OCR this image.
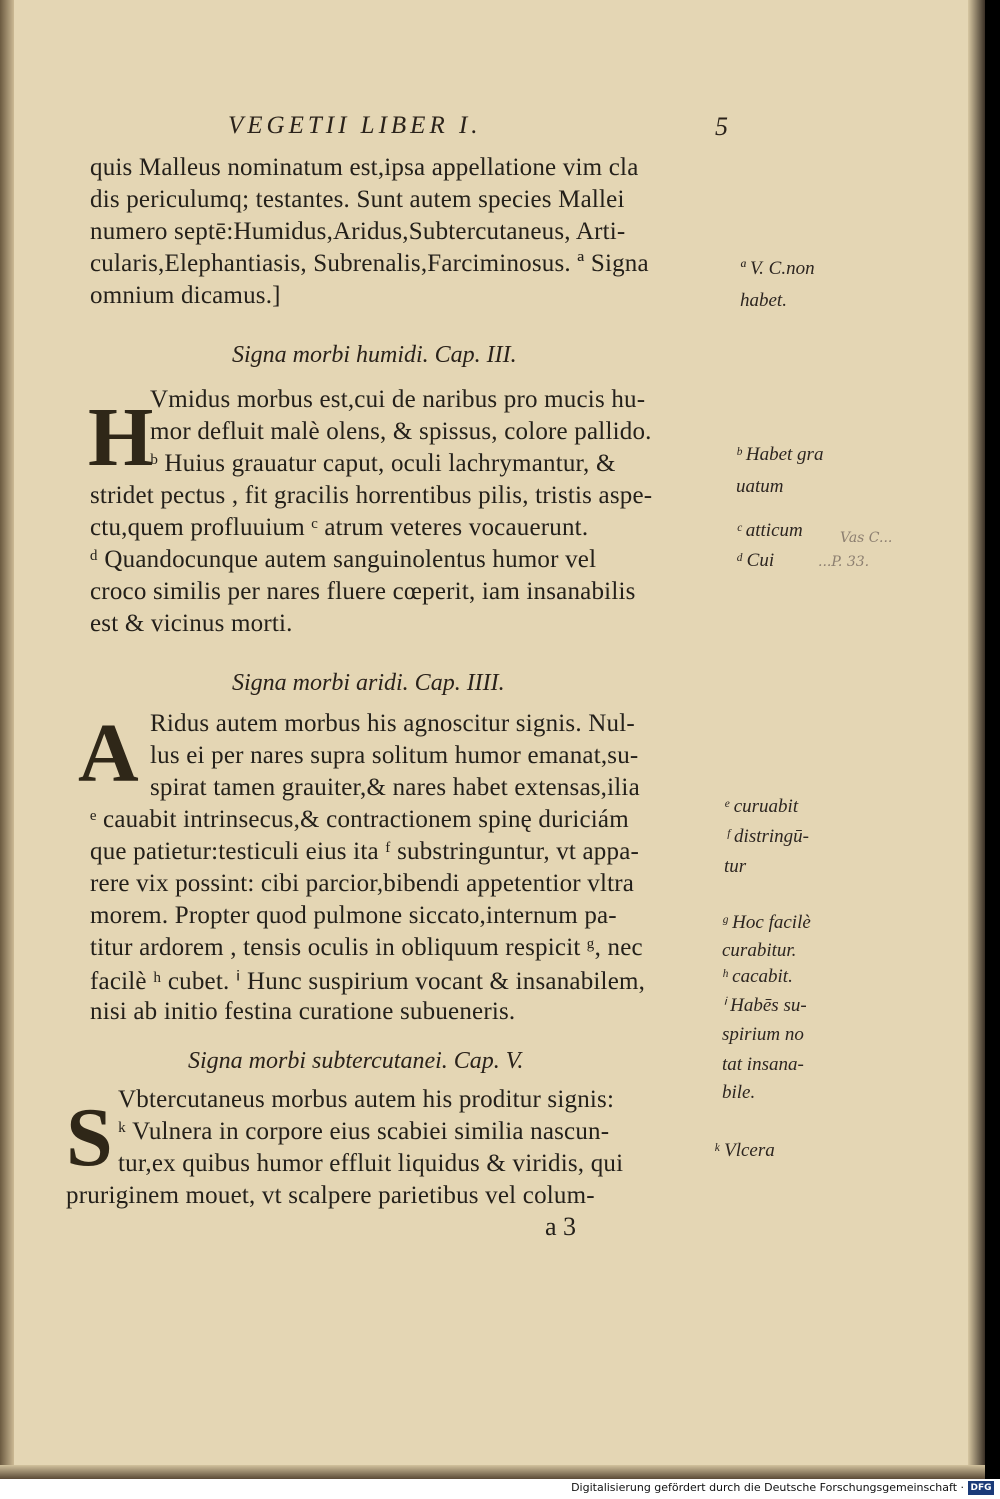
VEGETII LIBER I.	5
quis Malleus nominatum est,ipsa appellatione vim cla
dis periculumq; testantes. Sunt autem species Mallei
numero septē:Humidus,Aridus,Subtercutaneus, Arti-
cularis,Elephantiasis, Subrenalis,Farciminosus. ª Signa
omnium dicamus.]
Signa morbi humidi. Cap. III.
H
Vmidus morbus est,cui de naribus pro mucis hu-
mor defluit malè olens, & spissus, colore pallido.
ᵇ Huius grauatur caput, oculi lachrymantur, &
stridet pectus , fit gracilis horrentibus pilis, tristis aspe-
ctu,quem profluuium ᶜ atrum veteres vocauerunt.
ᵈ Quandocunque autem sanguinolentus humor vel
croco similis per nares fluere cœperit, iam insanabilis
est & vicinus morti.
Signa morbi aridi. Cap. IIII.
A Ridus autem morbus his agnoscitur signis. Nul-
lus ei per nares supra solitum humor emanat,su-
spirat tamen grauiter,& nares habet extensas,ilia
ᵉ cauabit intrinsecus,& contractionem spinę duriciám
que patietur:testiculi eius ita ᶠ substringuntur, vt appa-
rere vix possint: cibi parcior,bibendi appetentior vltra
morem. Propter quod pulmone siccato,internum pa-
titur ardorem , tensis oculis in obliquum respicit ᵍ, nec
facilè ʰ cubet. ⁱ Hunc suspirium vocant & insanabilem,
nisi ab initio festina curatione subueneris.
Signa morbi subtercutanei. Cap. V.
S Vbtercutaneus morbus autem his proditur signis:
ᵏ Vulnera in corpore eius scabiei similia nascun-
tur,ex quibus humor effluit liquidus & viridis, qui
pruriginem mouet, vt scalpere parietibus vel colum-
a 3
ª V. C.non
habet.
ᵇ Habet gra
uatum
ᶜ atticum
ᵈ Cui
ᵉ curuabit
ᶠ distringū-
tur
ᵍ Hoc facilè
curabitur.
ʰ cacabit.
ⁱ Habēs su-
spirium no
tat insana-
bile.
ᵏ Vlcera
Vas C...
...P. 33.
Digitalisierung gefördert durch die Deutsche Forschungsgemeinschaft · DFG
